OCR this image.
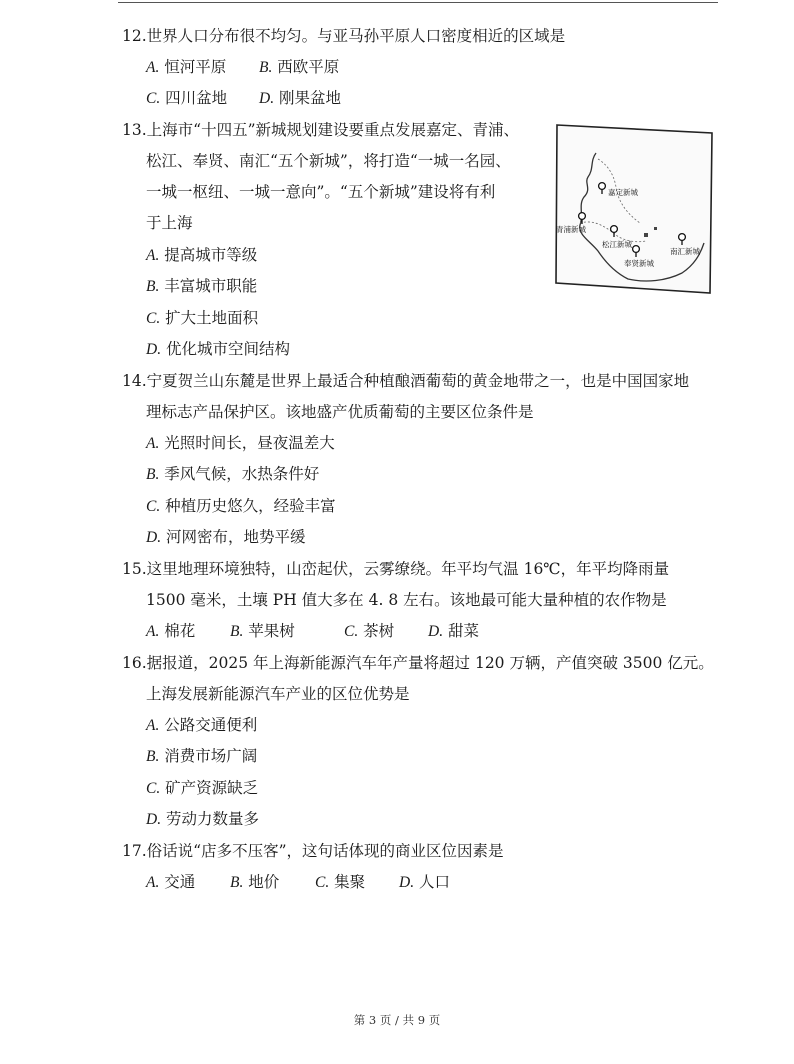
12.世界人口分布很不均匀。与亚马孙平原人口密度相近的区域是
A. 恒河平原 B. 西欧平原
C. 四川盆地 D. 刚果盆地
13.上海市“十四五”新城规划建设要重点发展嘉定、青浦、
松江、奉贤、南汇“五个新城”，将打造“一城一名园、
一城一枢纽、一城一意向”。“五个新城”建设将有利
于上海
A. 提高城市等级
B. 丰富城市职能
C. 扩大土地面积
D. 优化城市空间结构
嘉定新城
青浦新城
松江新城
奉贤新城
南汇新城
14.宁夏贺兰山东麓是世界上最适合种植酿酒葡萄的黄金地带之一，也是中国国家地
理标志产品保护区。该地盛产优质葡萄的主要区位条件是
A. 光照时间长，昼夜温差大
B. 季风气候，水热条件好
C. 种植历史悠久，经验丰富
D. 河网密布，地势平缓
15.这里地理环境独特，山峦起伏，云雾缭绕。年平均气温 16℃，年平均降雨量
1500 毫米，土壤 PH 值大多在 4. 8 左右。该地最可能大量种植的农作物是
A. 棉花 B. 苹果树	C. 茶树 D. 甜菜
16.据报道，2025 年上海新能源汽车年产量将超过 120 万辆，产值突破 3500 亿元。
上海发展新能源汽车产业的区位优势是
A. 公路交通便利
B. 消费市场广阔
C. 矿产资源缺乏
D. 劳动力数量多
17.俗话说“店多不压客”，这句话体现的商业区位因素是
A. 交通 B. 地价 C. 集聚 D. 人口
第 3 页 / 共 9 页
